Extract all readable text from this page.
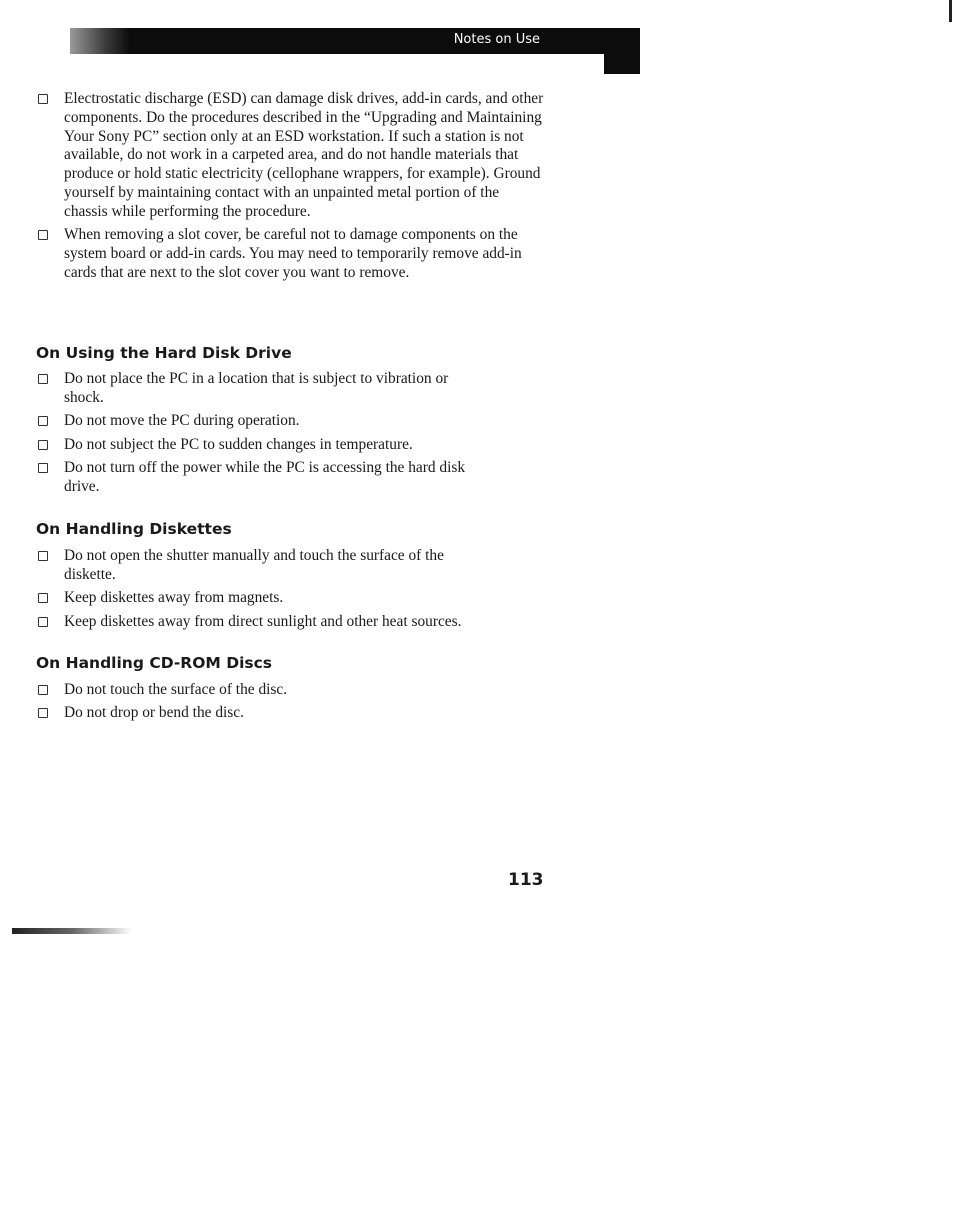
Notes on Use
Electrostatic discharge (ESD) can damage disk drives, add-in cards, and other components. Do the procedures described in the “Upgrading and Maintaining Your Sony PC” section only at an ESD workstation. If such a station is not available, do not work in a carpeted area, and do not handle materials that produce or hold static electricity (cellophane wrappers, for example). Ground yourself by maintaining contact with an unpainted metal portion of the chassis while performing the procedure.
When removing a slot cover, be careful not to damage components on the system board or add-in cards. You may need to temporarily remove add-in cards that are next to the slot cover you want to remove.
On Using the Hard Disk Drive
Do not place the PC in a location that is subject to vibration or shock.
Do not move the PC during operation.
Do not subject the PC to sudden changes in temperature.
Do not turn off the power while the PC is accessing the hard disk drive.
On Handling Diskettes
Do not open the shutter manually and touch the surface of the diskette.
Keep diskettes away from magnets.
Keep diskettes away from direct sunlight and other heat sources.
On Handling CD-ROM Discs
Do not touch the surface of the disc.
Do not drop or bend the disc.
113
